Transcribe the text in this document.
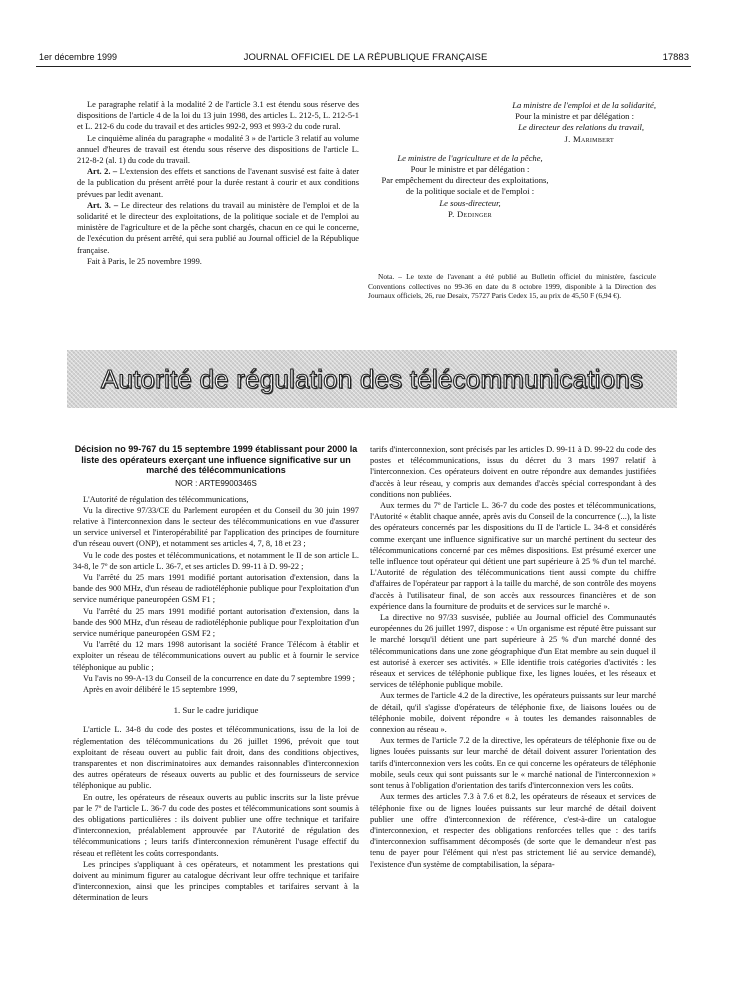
1er décembre 1999	JOURNAL OFFICIEL DE LA RÉPUBLIQUE FRANÇAISE	17883

Le paragraphe relatif à la modalité 2 de l'article 3.1 est étendu sous réserve des dispositions de l'article 4 de la loi du 13 juin 1998, des articles L. 212-5, L. 212-5-1 et L. 212-6 du code du travail et des articles 992-2, 993 et 993-2 du code rural.

Le cinquième alinéa du paragraphe « modalité 3 » de l'article 3 relatif au volume annuel d'heures de travail est étendu sous réserve des dispositions de l'article L. 212-8-2 (al. 1) du code du travail.

Art. 2. – L'extension des effets et sanctions de l'avenant susvisé est faite à dater de la publication du présent arrêté pour la durée restant à courir et aux conditions prévues par ledit avenant.

Art. 3. – Le directeur des relations du travail au ministère de l'emploi et de la solidarité et le directeur des exploitations, de la politique sociale et de l'emploi au ministère de l'agriculture et de la pêche sont chargés, chacun en ce qui le concerne, de l'exécution du présent arrêté, qui sera publié au Journal officiel de la République française.

Fait à Paris, le 25 novembre 1999.

La ministre de l'emploi et de la solidarité,
Pour la ministre et par délégation :
Le directeur des relations du travail,
J. Marimbert
Le ministre de l'agriculture et de la pêche,
Pour le ministre et par délégation :
Par empêchement du directeur des exploitations,
de la politique sociale et de l'emploi :
Le sous-directeur,
P. Dedinger

Nota. – Le texte de l'avenant a été publié au Bulletin officiel du ministère, fascicule Conventions collectives no 99-36 en date du 8 octobre 1999, disponible à la Direction des Journaux officiels, 26, rue Desaix, 75727 Paris Cedex 15, au prix de 45,50 F (6,94 €).

Autorité de régulation des télécommunications
Décision no 99-767 du 15 septembre 1999 établissant pour 2000 la liste des opérateurs exerçant une influence significative sur un marché des télécommunications
NOR : ARTE9900346S

L'Autorité de régulation des télécommunications,

Vu la directive 97/33/CE du Parlement européen et du Conseil du 30 juin 1997 relative à l'interconnexion dans le secteur des télécommunications en vue d'assurer un service universel et l'interopérabilité par l'application des principes de fourniture d'un réseau ouvert (ONP), et notamment ses articles 4, 7, 8, 18 et 23 ;

Vu le code des postes et télécommunications, et notamment le II de son article L. 34-8, le 7º de son article L. 36-7, et ses articles D. 99-11 à D. 99-22 ;

Vu l'arrêté du 25 mars 1991 modifié portant autorisation d'extension, dans la bande des 900 MHz, d'un réseau de radiotéléphonie publique pour l'exploitation d'un service numérique paneuropéen GSM F1 ;

Vu l'arrêté du 25 mars 1991 modifié portant autorisation d'extension, dans la bande des 900 MHz, d'un réseau de radiotéléphonie publique pour l'exploitation d'un service numérique paneuropéen GSM F2 ;

Vu l'arrêté du 12 mars 1998 autorisant la société France Télécom à établir et exploiter un réseau de télécommunications ouvert au public et à fournir le service téléphonique au public ;

Vu l'avis no 99-A-13 du Conseil de la concurrence en date du 7 septembre 1999 ;

Après en avoir délibéré le 15 septembre 1999,

1. Sur le cadre juridique

L'article L. 34-8 du code des postes et télécommunications, issu de la loi de réglementation des télécommunications du 26 juillet 1996, prévoit que tout exploitant de réseau ouvert au public fait droit, dans des conditions objectives, transparentes et non discriminatoires aux demandes raisonnables d'interconnexion des autres opérateurs de réseaux ouverts au public et des fournisseurs de service téléphonique au public.

En outre, les opérateurs de réseaux ouverts au public inscrits sur la liste prévue par le 7º de l'article L. 36-7 du code des postes et télécommunications sont soumis à des obligations particulières : ils doivent publier une offre technique et tarifaire d'interconnexion, préalablement approuvée par l'Autorité de régulation des télécommunications ; leurs tarifs d'interconnexion rémunèrent l'usage effectif du réseau et reflètent les coûts correspondants.

Les principes s'appliquant à ces opérateurs, et notamment les prestations qui doivent au minimum figurer au catalogue décrivant leur offre technique et tarifaire d'interconnexion, ainsi que les principes comptables et tarifaires servant à la détermination de leurs

tarifs d'interconnexion, sont précisés par les articles D. 99-11 à D. 99-22 du code des postes et télécommunications, issus du décret du 3 mars 1997 relatif à l'interconnexion. Ces opérateurs doivent en outre répondre aux demandes justifiées d'accès à leur réseau, y compris aux demandes d'accès spécial correspondant à des conditions non publiées.

Aux termes du 7º de l'article L. 36-7 du code des postes et télécommunications, l'Autorité « établit chaque année, après avis du Conseil de la concurrence (...), la liste des opérateurs concernés par les dispositions du II de l'article L. 34-8 et considérés comme exerçant une influence significative sur un marché pertinent du secteur des télécommunications concerné par ces mêmes dispositions. Est présumé exercer une telle influence tout opérateur qui détient une part supérieure à 25 % d'un tel marché. L'Autorité de régulation des télécommunications tient aussi compte du chiffre d'affaires de l'opérateur par rapport à la taille du marché, de son contrôle des moyens d'accès à l'utilisateur final, de son accès aux ressources financières et de son expérience dans la fourniture de produits et de services sur le marché ».

La directive no 97/33 susvisée, publiée au Journal officiel des Communautés européennes du 26 juillet 1997, dispose : « Un organisme est réputé être puissant sur le marché lorsqu'il détient une part supérieure à 25 % d'un marché donné des télécommunications dans une zone géographique d'un Etat membre au sein duquel il est autorisé à exercer ses activités. » Elle identifie trois catégories d'activités : les réseaux et services de téléphonie publique fixe, les lignes louées, et les réseaux et services de téléphonie publique mobile.

Aux termes de l'article 4.2 de la directive, les opérateurs puissants sur leur marché de détail, qu'il s'agisse d'opérateurs de téléphonie fixe, de liaisons louées ou de téléphonie mobile, doivent répondre « à toutes les demandes raisonnables de connexion au réseau ».

Aux termes de l'article 7.2 de la directive, les opérateurs de téléphonie fixe ou de lignes louées puissants sur leur marché de détail doivent assurer l'orientation des tarifs d'interconnexion vers les coûts. En ce qui concerne les opérateurs de téléphonie mobile, seuls ceux qui sont puissants sur le « marché national de l'interconnexion » sont tenus à l'obligation d'orientation des tarifs d'interconnexion vers les coûts.

Aux termes des articles 7.3 à 7.6 et 8.2, les opérateurs de réseaux et services de téléphonie fixe ou de lignes louées puissants sur leur marché de détail doivent publier une offre d'interconnexion de référence, c'est-à-dire un catalogue d'interconnexion, et respecter des obligations renforcées telles que : des tarifs d'interconnexion suffisamment décomposés (de sorte que le demandeur n'est pas tenu de payer pour l'élément qui n'est pas strictement lié au service demandé), l'existence d'un système de comptabilisation, la sépara-
